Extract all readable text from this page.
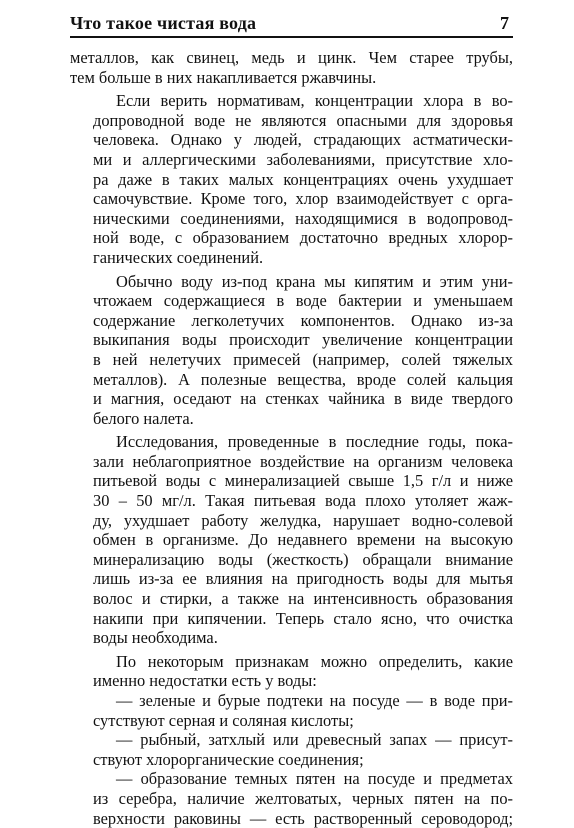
Что такое чистая вода	7

металлов, как свинец, медь и цинк. Чем старее трубы,
тем больше в них накапливается ржавчины.

Если верить нормативам, концентрации хлора в во-
допроводной воде не являются опасными для здоровья
человека. Однако у людей, страдающих астматически-
ми и аллергическими заболеваниями, присутствие хло-
ра даже в таких малых концентрациях очень ухудшает
самочувствие. Кроме того, хлор взаимодействует с орга-
ническими соединениями, находящимися в водопровод-
ной воде, с образованием достаточно вредных хлорор-
ганических соединений.

Обычно воду из-под крана мы кипятим и этим уни-
чтожаем содержащиеся в воде бактерии и уменьшаем
содержание легколетучих компонентов. Однако из-за
выкипания воды происходит увеличение концентрации
в ней нелетучих примесей (например, солей тяжелых
металлов). А полезные вещества, вроде солей кальция
и магния, оседают на стенках чайника в виде твердого
белого налета.

Исследования, проведенные в последние годы, пока-
зали неблагоприятное воздействие на организм человека
питьевой воды с минерализацией свыше 1,5 г/л и ниже
30 – 50 мг/л. Такая питьевая вода плохо утоляет жаж-
ду, ухудшает работу желудка, нарушает водно-солевой
обмен в организме. До недавнего времени на высокую
минерализацию воды (жесткость) обращали внимание
лишь из-за ее влияния на пригодность воды для мытья
волос и стирки, а также на интенсивность образования
накипи при кипячении. Теперь стало ясно, что очистка
воды необходима.

По некоторым признакам можно определить, какие
именно недостатки есть у воды:

— зеленые и бурые подтеки на посуде — в воде при-
сутствуют серная и соляная кислоты;

— рыбный, затхлый или древесный запах — присут-
ствуют хлорорганические соединения;

— образование темных пятен на посуде и предметах
из серебра, наличие желтоватых, черных пятен на по-
верхности раковины — есть растворенный сероводород;
